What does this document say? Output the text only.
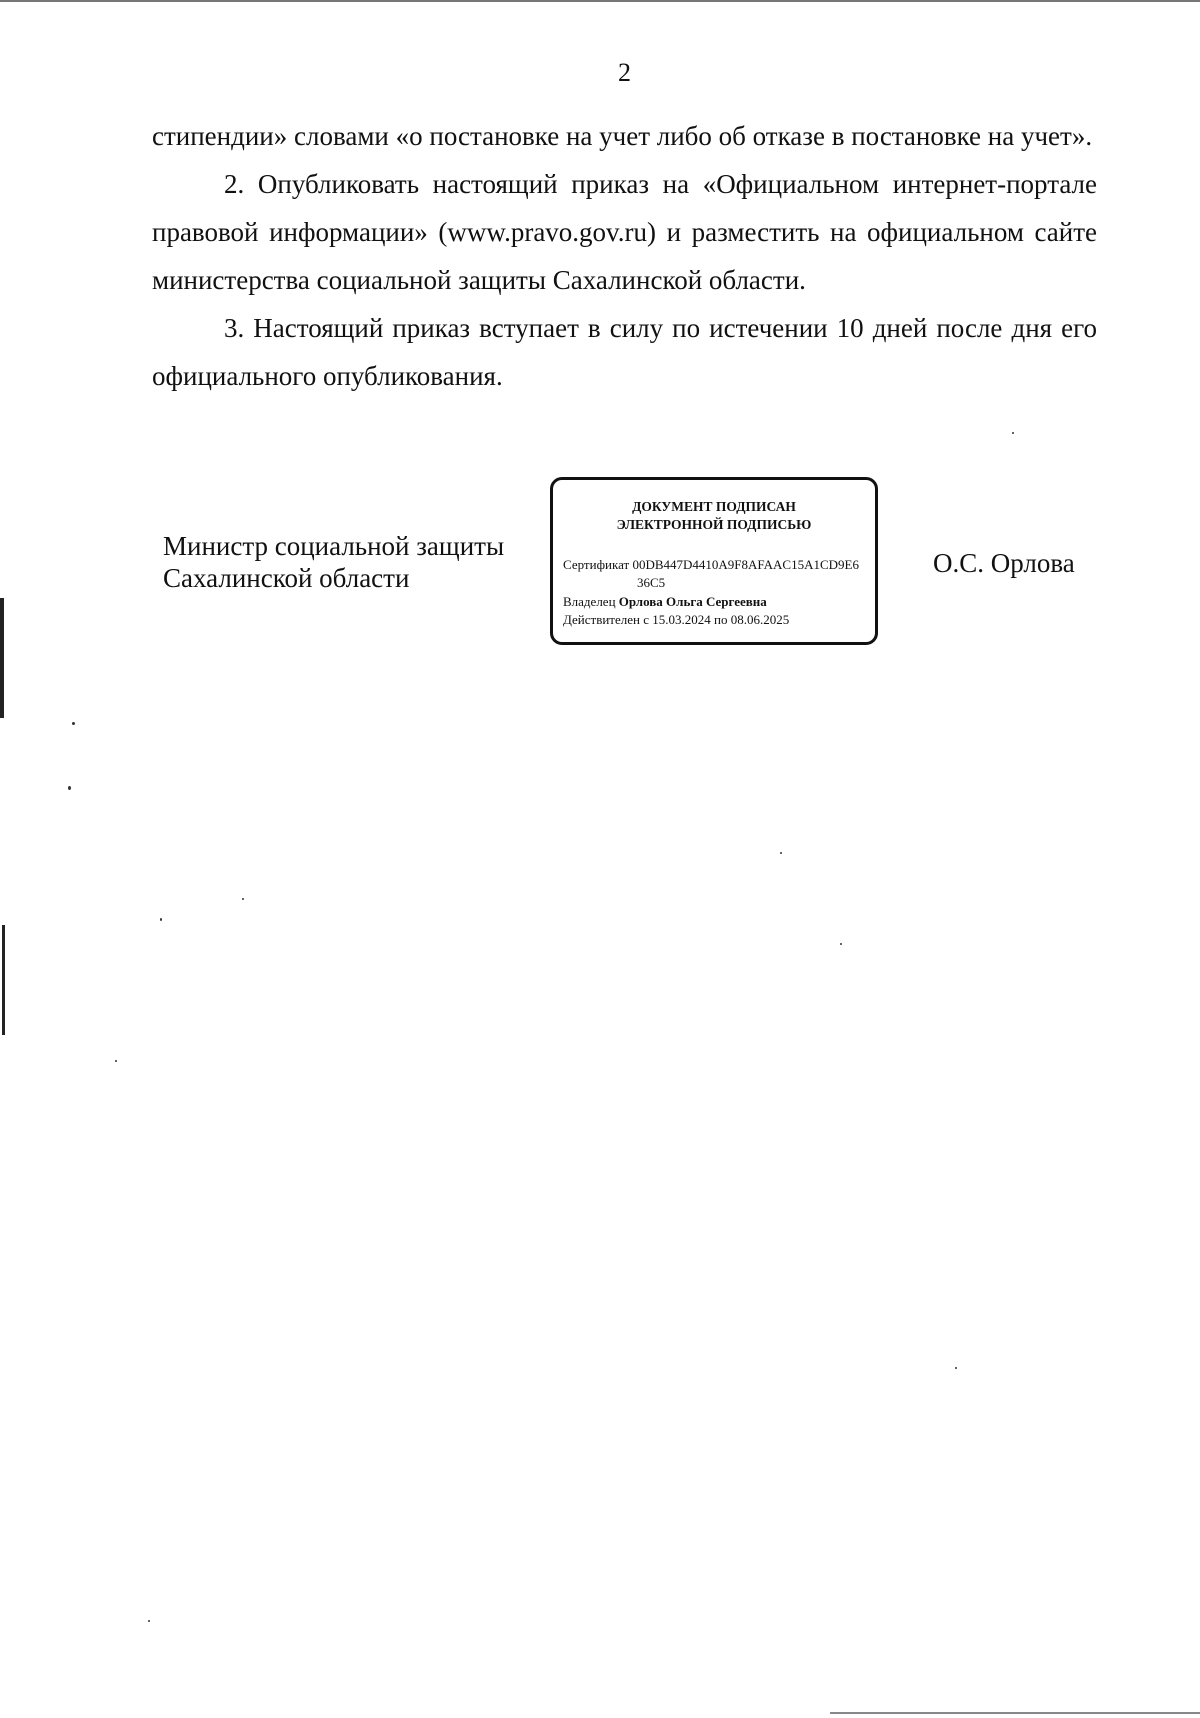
2

стипендии» словами «о постановке на учет либо об отказе в постановке на учет».

2. Опубликовать настоящий приказ на «Официальном интернет-портале правовой информации» (www.pravo.gov.ru) и разместить на официальном сайте министерства социальной защиты Сахалинской области.

3. Настоящий приказ вступает в силу по истечении 10 дней после дня его официального опубликования.

Министр социальной защиты
Сахалинской области
ДОКУМЕНТ ПОДПИСАН
ЭЛЕКТРОННОЙ ПОДПИСЬЮ
Сертификат 00DB447D4410A9F8AFAAC15A1CD9E6
36C5
Владелец Орлова Ольга Сергеевна
Действителен с 15.03.2024 по 08.06.2025
О.С. Орлова
